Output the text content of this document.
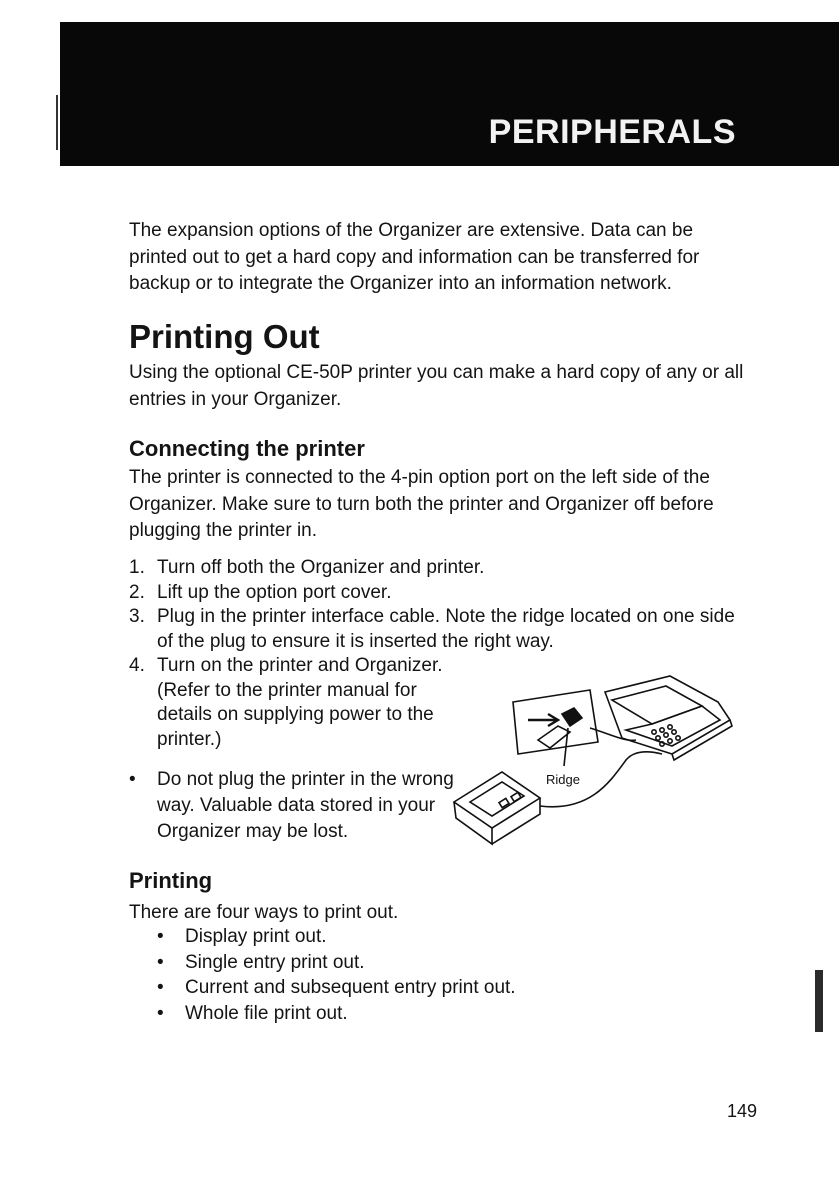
PERIPHERALS
The expansion options of the Organizer are extensive. Data can be printed out to get a hard copy and information can be transferred for backup or to integrate the Organizer into an information network.
Printing Out
Using the optional CE-50P printer you can make a hard copy of any or all entries in your Organizer.
Connecting the printer
The printer is connected to the 4-pin option port on the left side of the Organizer. Make sure to turn both the printer and Organizer off before plugging the printer in.
1. Turn off both the Organizer and printer.
2. Lift up the option port cover.
3. Plug in the printer interface cable. Note the ridge located on one side of the plug to ensure it is inserted the right way.
4. Turn on the printer and Organizer. (Refer to the printer manual for details on supplying power to the printer.)
• Do not plug the printer in the wrong way. Valuable data stored in your Organizer may be lost.
Ridge
Printing
There are four ways to print out.
• Display print out.
• Single entry print out.
• Current and subsequent entry print out.
• Whole file print out.
149
